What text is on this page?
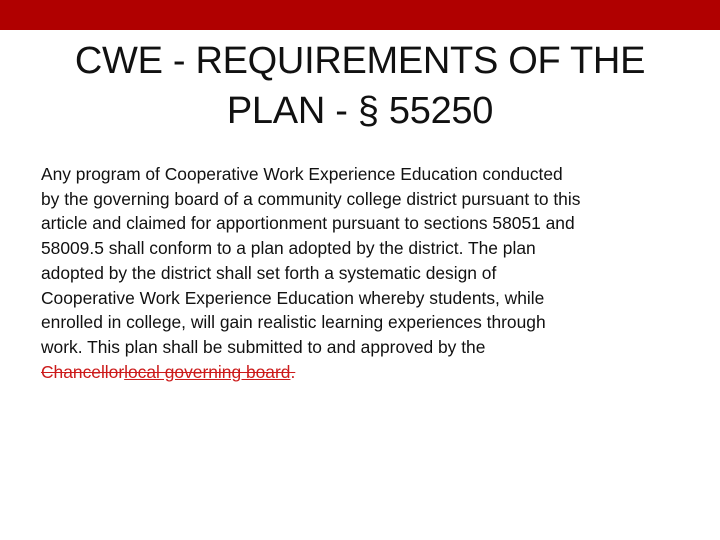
CWE - REQUIREMENTS OF THE
PLAN - § 55250
Any program of Cooperative Work Experience Education conducted
by the governing board of a community college district pursuant to this
article and claimed for apportionment pursuant to sections 58051 and
58009.5 shall conform to a plan adopted by the district. The plan
adopted by the district shall set forth a systematic design of
Cooperative Work Experience Education whereby students, while
enrolled in college, will gain realistic learning experiences through
work. This plan shall be submitted to and approved by the
Chancellorlocal governing board.
